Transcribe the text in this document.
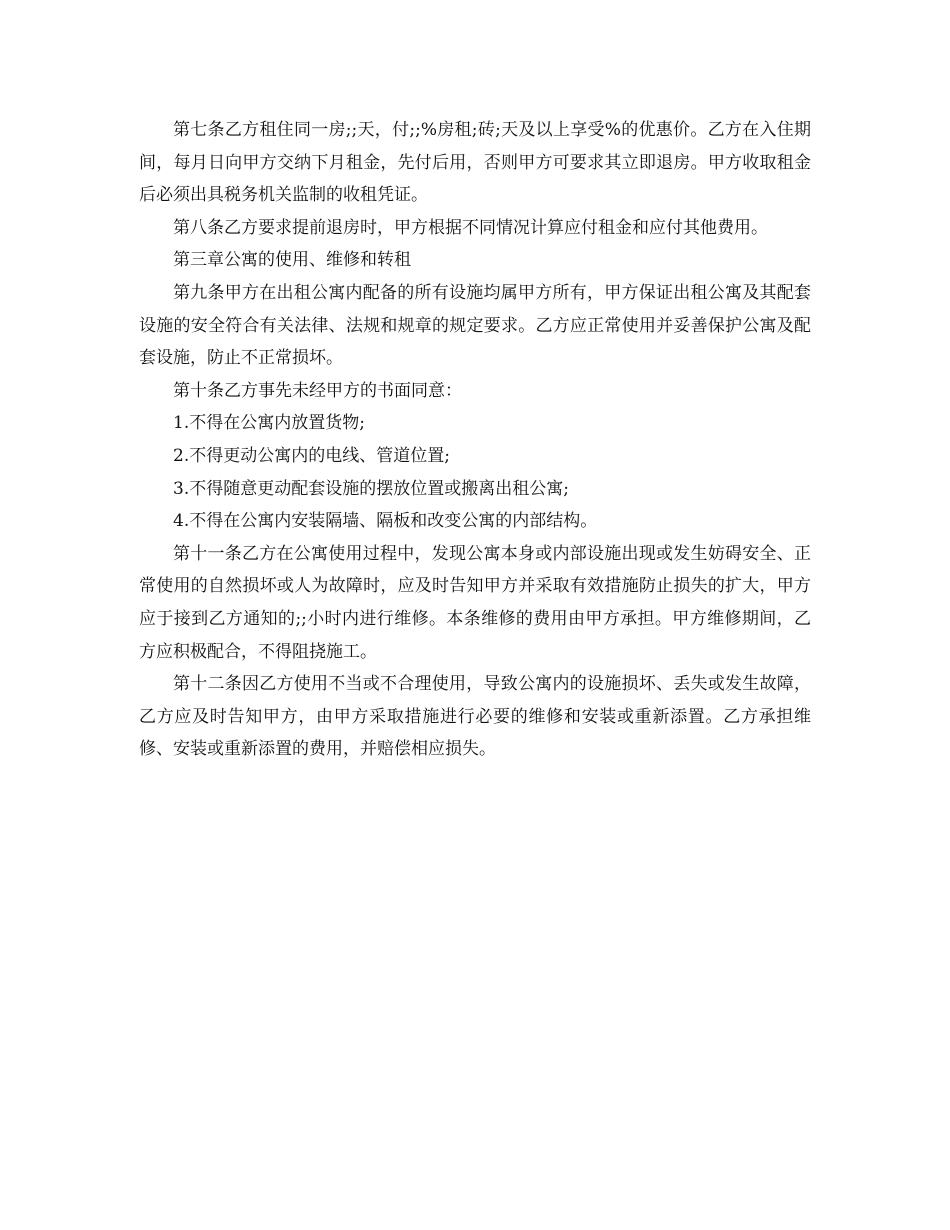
第七条乙方租住同一房;;天，付;;%房租;砖;天及以上享受%的优惠价。乙方在入住期间，每月日向甲方交纳下月租金，先付后用，否则甲方可要求其立即退房。甲方收取租金后必须出具税务机关监制的收租凭证。

第八条乙方要求提前退房时，甲方根据不同情况计算应付租金和应付其他费用。

第三章公寓的使用、维修和转租

第九条甲方在出租公寓内配备的所有设施均属甲方所有，甲方保证出租公寓及其配套设施的安全符合有关法律、法规和规章的规定要求。乙方应正常使用并妥善保护公寓及配套设施，防止不正常损坏。

第十条乙方事先未经甲方的书面同意：

1.不得在公寓内放置货物;

2.不得更动公寓内的电线、管道位置;

3.不得随意更动配套设施的摆放位置或搬离出租公寓;

4.不得在公寓内安装隔墙、隔板和改变公寓的内部结构。

第十一条乙方在公寓使用过程中，发现公寓本身或内部设施出现或发生妨碍安全、正常使用的自然损坏或人为故障时，应及时告知甲方并采取有效措施防止损失的扩大，甲方应于接到乙方通知的;;小时内进行维修。本条维修的费用由甲方承担。甲方维修期间，乙方应积极配合，不得阻挠施工。

第十二条因乙方使用不当或不合理使用，导致公寓内的设施损坏、丢失或发生故障，乙方应及时告知甲方，由甲方采取措施进行必要的维修和安装或重新添置。乙方承担维修、安装或重新添置的费用，并赔偿相应损失。
